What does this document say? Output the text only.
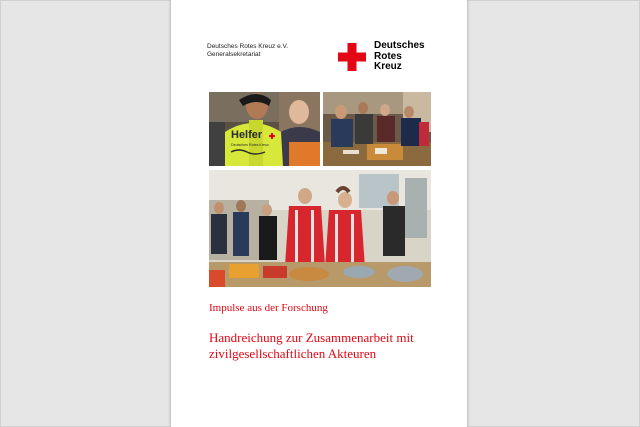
Deutsches Rotes Kreuz e.V.
Generalsekretariat
Deutsches
Rotes
Kreuz
Helfer
Deutsches Rotes Kreuz
Impulse aus der Forschung
Handreichung zur Zusammenarbeit mit
zivilgesellschaftlichen Akteuren
